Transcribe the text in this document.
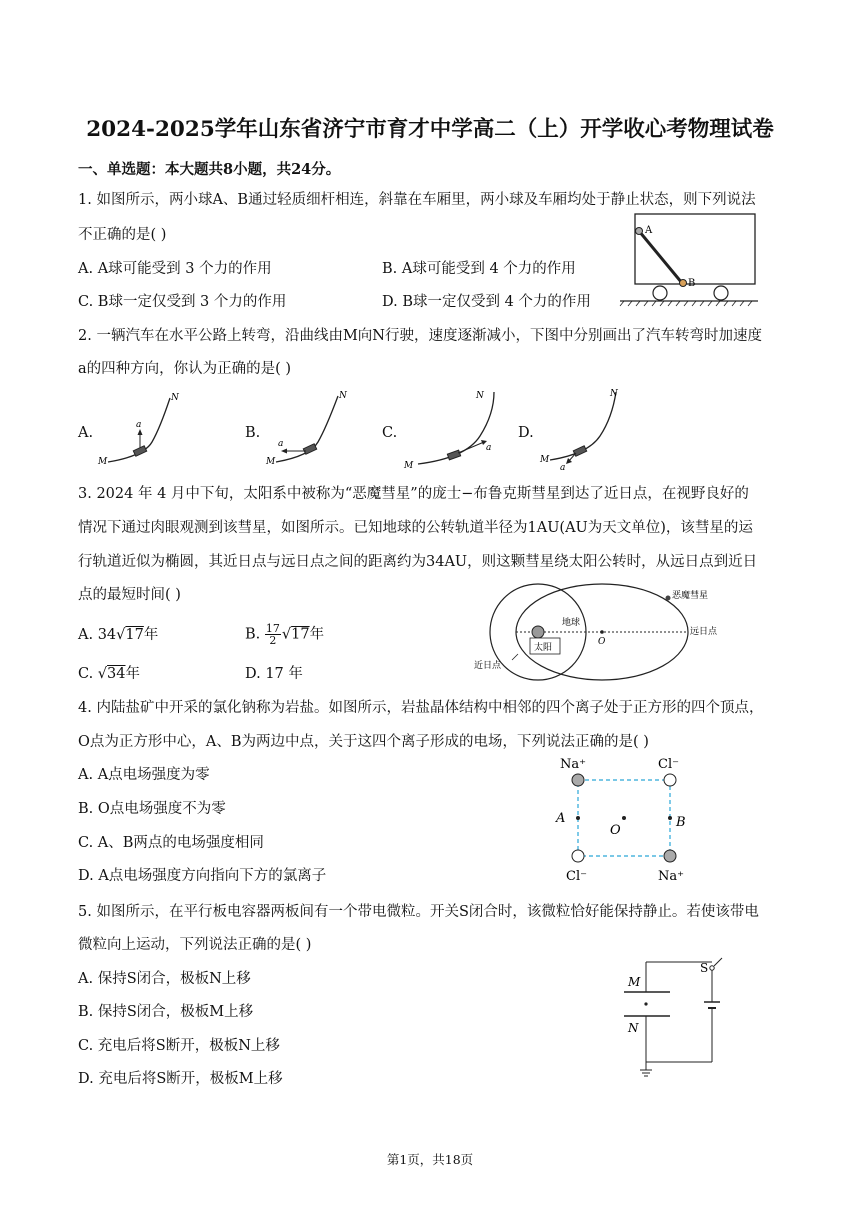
2024-2025学年山东省济宁市育才中学高二（上）开学收心考物理试卷
一、单选题：本大题共8小题，共24分。
1. 如图所示，两小球A、B通过轻质细杆相连，斜靠在车厢里，两小球及车厢均处于静止状态，则下列说法
不正确的是( )
A. A球可能受到 3 个力的作用	B. A球可能受到 4 个力的作用
C. B球一定仅受到 3 个力的作用	D. B球一定仅受到 4 个力的作用
A
B
2. 一辆汽车在水平公路上转弯，沿曲线由M向N行驶，速度逐渐减小，下图中分别画出了汽车转弯时加速度
a的四种方向，你认为正确的是( )
A.	a
M
N
B.
a
M
N
C.
a
M
N
D.
a
M
N
3. 2024 年 4 月中下旬，太阳系中被称为“恶魔彗星”的庞士−布鲁克斯彗星到达了近日点，在视野良好的
情况下通过肉眼观测到该彗星，如图所示。已知地球的公转轨道半径为1AU(AU为天文单位)，该彗星的运
行轨道近似为椭圆，其近日点与远日点之间的距离约为34AU，则这颗彗星绕太阳公转时，从远日点到近日
点的最短时间( )
A. 34√17年	B. $\frac{17}{2} √17$年
C. √34年	D. 17 年
太阳
地球
O
远日点
恶魔彗星
近日点
4. 内陆盐矿中开采的氯化钠称为岩盐。如图所示，岩盐晶体结构中相邻的四个离子处于正方形的四个顶点，
O点为正方形中心，A、B为两边中点，关于这四个离子形成的电场，下列说法正确的是( )
A. A点电场强度为零
B. O点电场强度不为零
C. A、B两点的电场强度相同
D. A点电场强度方向指向下方的氯离子
Na⁺	Cl⁻
Cl⁻	Na⁺
A	B
O
5. 如图所示，在平行板电容器两板间有一个带电微粒。开关S闭合时，该微粒恰好能保持静止。若使该带电
微粒向上运动，下列说法正确的是( )
A. 保持S闭合，极板N上移
B. 保持S闭合，极板M上移
C. 充电后将S断开，极板N上移
D. 充电后将S断开，极板M上移
M
N
S
第1页，共18页
